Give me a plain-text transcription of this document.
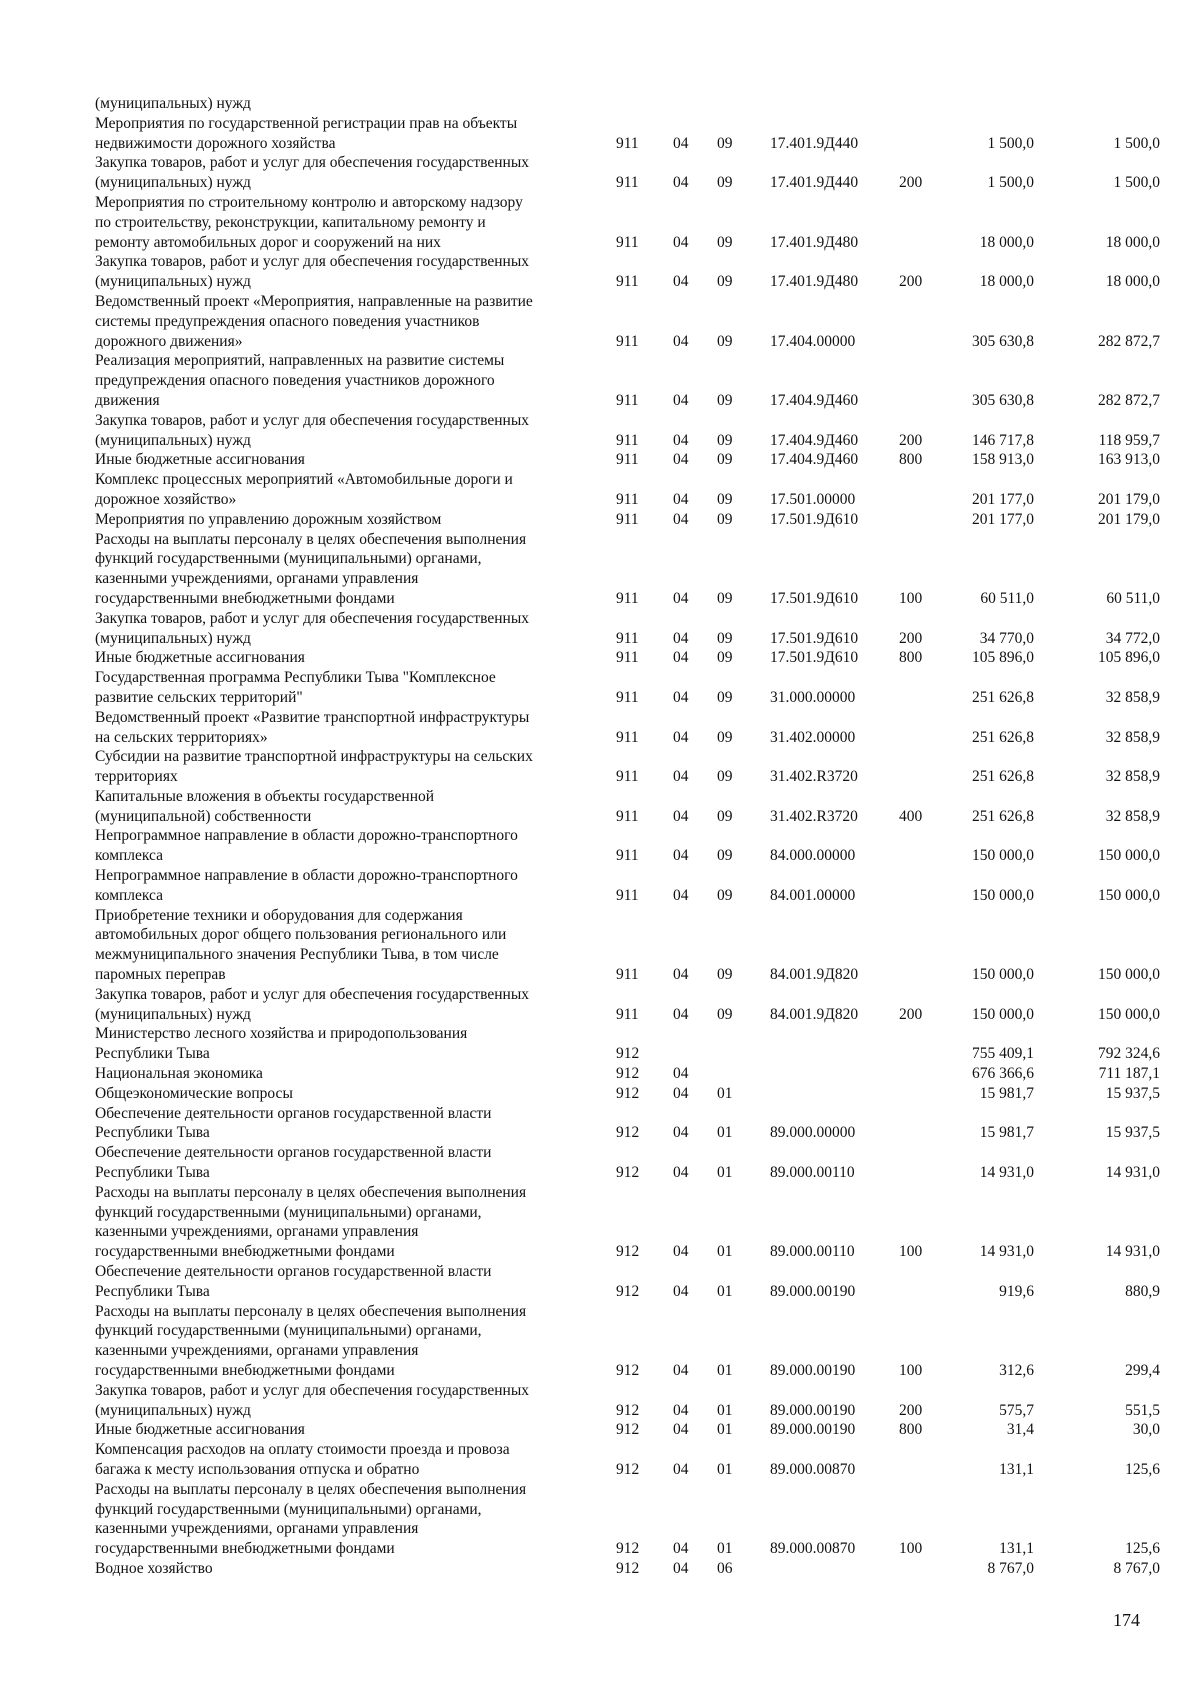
(муниципальных) нужд
Мероприятия по государственной регистрации прав на объекты
недвижимости дорожного хозяйства	911 04 09 17.401.9Д440	1 500,0	1 500,0
Закупка товаров, работ и услуг для обеспечения государственных
(муниципальных) нужд	911 04 09 17.401.9Д440	200	1 500,0	1 500,0
Мероприятия по строительному контролю и авторскому надзору
по строительству, реконструкции, капитальному ремонту и
ремонту автомобильных дорог и сооружений на них	911 04 09 17.401.9Д480	18 000,0	18 000,0
Закупка товаров, работ и услуг для обеспечения государственных
(муниципальных) нужд	911 04 09 17.401.9Д480	200	18 000,0	18 000,0
Ведомственный проект «Мероприятия, направленные на развитие
системы предупреждения опасного поведения участников
дорожного движения»	911 04 09 17.404.00000	305 630,8	282 872,7
Реализация мероприятий, направленных на развитие системы
предупреждения опасного поведения участников дорожного
движения	911 04 09 17.404.9Д460	305 630,8	282 872,7
Закупка товаров, работ и услуг для обеспечения государственных
(муниципальных) нужд	911 04 09 17.404.9Д460	200	146 717,8	118 959,7
Иные бюджетные ассигнования	911 04 09 17.404.9Д460	800	158 913,0	163 913,0
Комплекс процессных мероприятий «Автомобильные дороги и
дорожное хозяйство»	911 04 09 17.501.00000	201 177,0	201 179,0
Мероприятия по управлению дорожным хозяйством	911 04 09 17.501.9Д610	201 177,0	201 179,0
Расходы на выплаты персоналу в целях обеспечения выполнения
функций государственными (муниципальными) органами,
казенными учреждениями, органами управления
государственными внебюджетными фондами	911 04 09 17.501.9Д610	100	60 511,0	60 511,0
Закупка товаров, работ и услуг для обеспечения государственных
(муниципальных) нужд	911 04 09 17.501.9Д610	200	34 770,0	34 772,0
Иные бюджетные ассигнования	911 04 09 17.501.9Д610	800	105 896,0	105 896,0
Государственная программа Республики Тыва "Комплексное
развитие сельских территорий"	911 04 09 31.000.00000	251 626,8	32 858,9
Ведомственный проект «Развитие транспортной инфраструктуры
на сельских территориях»	911 04 09 31.402.00000	251 626,8	32 858,9
Субсидии на развитие транспортной инфраструктуры на сельских
территориях	911 04 09 31.402.R3720	251 626,8	32 858,9
Капитальные вложения в объекты государственной
(муниципальной) собственности	911 04 09 31.402.R3720	400	251 626,8	32 858,9
Непрограммное направление в области дорожно-транспортного
комплекса	911 04 09 84.000.00000	150 000,0	150 000,0
Непрограммное направление в области дорожно-транспортного
комплекса	911 04 09 84.001.00000	150 000,0	150 000,0
Приобретение техники и оборудования для содержания
автомобильных дорог общего пользования регионального или
межмуниципального значения Республики Тыва, в том числе
паромных переправ	911 04 09 84.001.9Д820	150 000,0	150 000,0
Закупка товаров, работ и услуг для обеспечения государственных
(муниципальных) нужд	911 04 09 84.001.9Д820	200	150 000,0	150 000,0
Министерство лесного хозяйства и природопользования
Республики Тыва	912	755 409,1	792 324,6
Национальная экономика	912 04	676 366,6	711 187,1
Общеэкономические вопросы	912 04 01	15 981,7	15 937,5
Обеспечение деятельности органов государственной власти
Республики Тыва	912 04 01 89.000.00000	15 981,7	15 937,5
Обеспечение деятельности органов государственной власти
Республики Тыва	912 04 01 89.000.00110	14 931,0	14 931,0
Расходы на выплаты персоналу в целях обеспечения выполнения
функций государственными (муниципальными) органами,
казенными учреждениями, органами управления
государственными внебюджетными фондами	912 04 01 89.000.00110	100	14 931,0	14 931,0
Обеспечение деятельности органов государственной власти
Республики Тыва	912 04 01 89.000.00190	919,6	880,9
Расходы на выплаты персоналу в целях обеспечения выполнения
функций государственными (муниципальными) органами,
казенными учреждениями, органами управления
государственными внебюджетными фондами	912 04 01 89.000.00190	100	312,6	299,4
Закупка товаров, работ и услуг для обеспечения государственных
(муниципальных) нужд	912 04 01 89.000.00190	200	575,7	551,5
Иные бюджетные ассигнования	912 04 01 89.000.00190	800	31,4	30,0
Компенсация расходов на оплату стоимости проезда и провоза
багажа к месту использования отпуска и обратно	912 04 01 89.000.00870	131,1	125,6
Расходы на выплаты персоналу в целях обеспечения выполнения
функций государственными (муниципальными) органами,
казенными учреждениями, органами управления
государственными внебюджетными фондами	912 04 01 89.000.00870	100	131,1	125,6
Водное хозяйство	912 04 06	8 767,0	8 767,0
174
